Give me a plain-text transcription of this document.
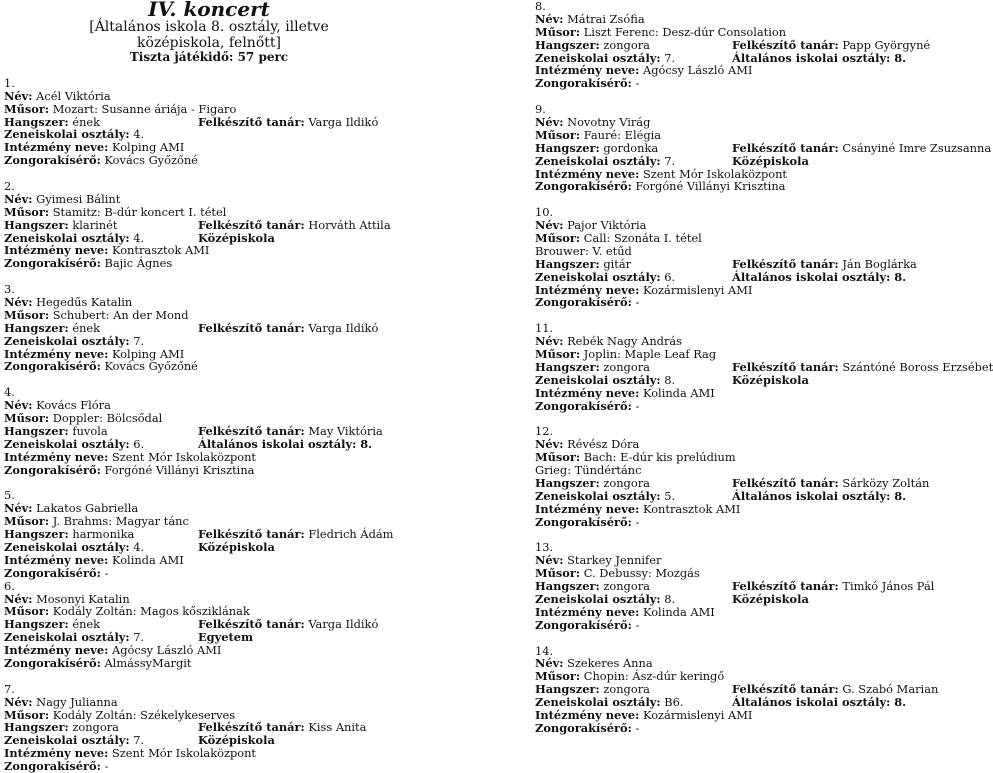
IV. koncert
[Általános iskola 8. osztály, illetve középiskola, felnőtt]
Tiszta játékidő: 57 perc
1.
Név: Acél Viktória
Műsor: Mozart: Susanne áriája - Figaro
Hangszer: ének	Felkészítő tanár: Varga Ildikó
Zeneiskolai osztály: 4.
Intézmény neve: Kolping AMI
Zongorakísérő: Kovács Győzőné
2.
Név: Gyimesi Bálint
Műsor: Stamitz: B-dúr koncert I. tétel
Hangszer: klarinét	Felkészítő tanár: Horváth Attila
Zeneiskolai osztály: 4.	Középiskola
Intézmény neve: Kontrasztok AMI
Zongorakísérő: Bajic Ágnes
3.
Név: Hegedűs Katalin
Műsor: Schubert: An der Mond
Hangszer: ének	Felkészítő tanár: Varga Ildikó
Zeneiskolai osztály: 7.
Intézmény neve: Kolping AMI
Zongorakísérő: Kovács Győzőné
4.
Név: Kovács Flóra
Műsor: Doppler: Bölcsődal
Hangszer: fuvola	Felkészítő tanár: May Viktória
Zeneiskolai osztály: 6.	Általános iskolai osztály: 8.
Intézmény neve: Szent Mór Iskolaközpont
Zongorakísérő: Forgóné Villányi Krisztina
5.
Név: Lakatos Gabriella
Műsor: J. Brahms: Magyar tánc
Hangszer: harmonika	Felkészítő tanár: Fledrich Ádám
Zeneiskolai osztály: 4.	Középiskola
Intézmény neve: Kolinda AMI
Zongorakísérő: -
6.
Név: Mosonyi Katalin
Műsor: Kodály Zoltán: Magos kősziklának
Hangszer: ének	Felkészítő tanár: Varga Ildikó
Zeneiskolai osztály: 7.	Egyetem
Intézmény neve: Agócsy László AMI
Zongorakísérő: AlmássyMargit
7.
Név: Nagy Julianna
Műsor: Kodály Zoltán: Székelykeserves
Hangszer: zongora	Felkészítő tanár: Kiss Anita
Zeneiskolai osztály: 7.	Középiskola
Intézmény neve: Szent Mór Iskolaközpont
Zongorakísérő: -
8.
Név: Mátrai Zsófia
Műsor: Liszt Ferenc: Desz-dúr Consolation
Hangszer: zongora	Felkészítő tanár: Papp Györgyné
Zeneiskolai osztály: 7.	Általános iskolai osztály: 8.
Intézmény neve: Agócsy László AMI
Zongorakísérő: -
9.
Név: Novotny Virág
Műsor: Fauré: Elégia
Hangszer: gordonka	Felkészítő tanár: Csányiné Imre Zsuzsanna
Zeneiskolai osztály: 7.	Középiskola
Intézmény neve: Szent Mór Iskolaközpont
Zongorakísérő: Forgóné Villányi Krisztina
10.
Név: Pajor Viktória
Műsor: Call: Szonáta I. tétel
Brouwer: V. etűd
Hangszer: gitár	Felkészítő tanár: Ján Boglárka
Zeneiskolai osztály: 6.	Általános iskolai osztály: 8.
Intézmény neve: Kozármislenyi AMI
Zongorakísérő: -
11.
Név: Rebék Nagy András
Műsor: Joplin: Maple Leaf Rag
Hangszer: zongora	Felkészítő tanár: Szántóné Boross Erzsébet
Zeneiskolai osztály: 8.	Középiskola
Intézmény neve: Kolinda AMI
Zongorakísérő: -
12.
Név: Révész Dóra
Műsor: Bach: E-dúr kis prelúdium
Grieg: Tündértánc
Hangszer: zongora	Felkészítő tanár: Sárközy Zoltán
Zeneiskolai osztály: 5.	Általános iskolai osztály: 8.
Intézmény neve: Kontrasztok AMI
Zongorakísérő: -
13.
Név: Starkey Jennifer
Műsor: C. Debussy: Mozgás
Hangszer: zongora	Felkészítő tanár: Timkó János Pál
Zeneiskolai osztály: 8.	Középiskola
Intézmény neve: Kolinda AMI
Zongorakísérő: -
14.
Név: Szekeres Anna
Műsor: Chopin: Ász-dúr keringő
Hangszer: zongora	Felkészítő tanár: G. Szabó Marian
Zeneiskolai osztály: B6.	Általános iskolai osztály: 8.
Intézmény neve: Kozármislenyi AMI
Zongorakísérő: -
